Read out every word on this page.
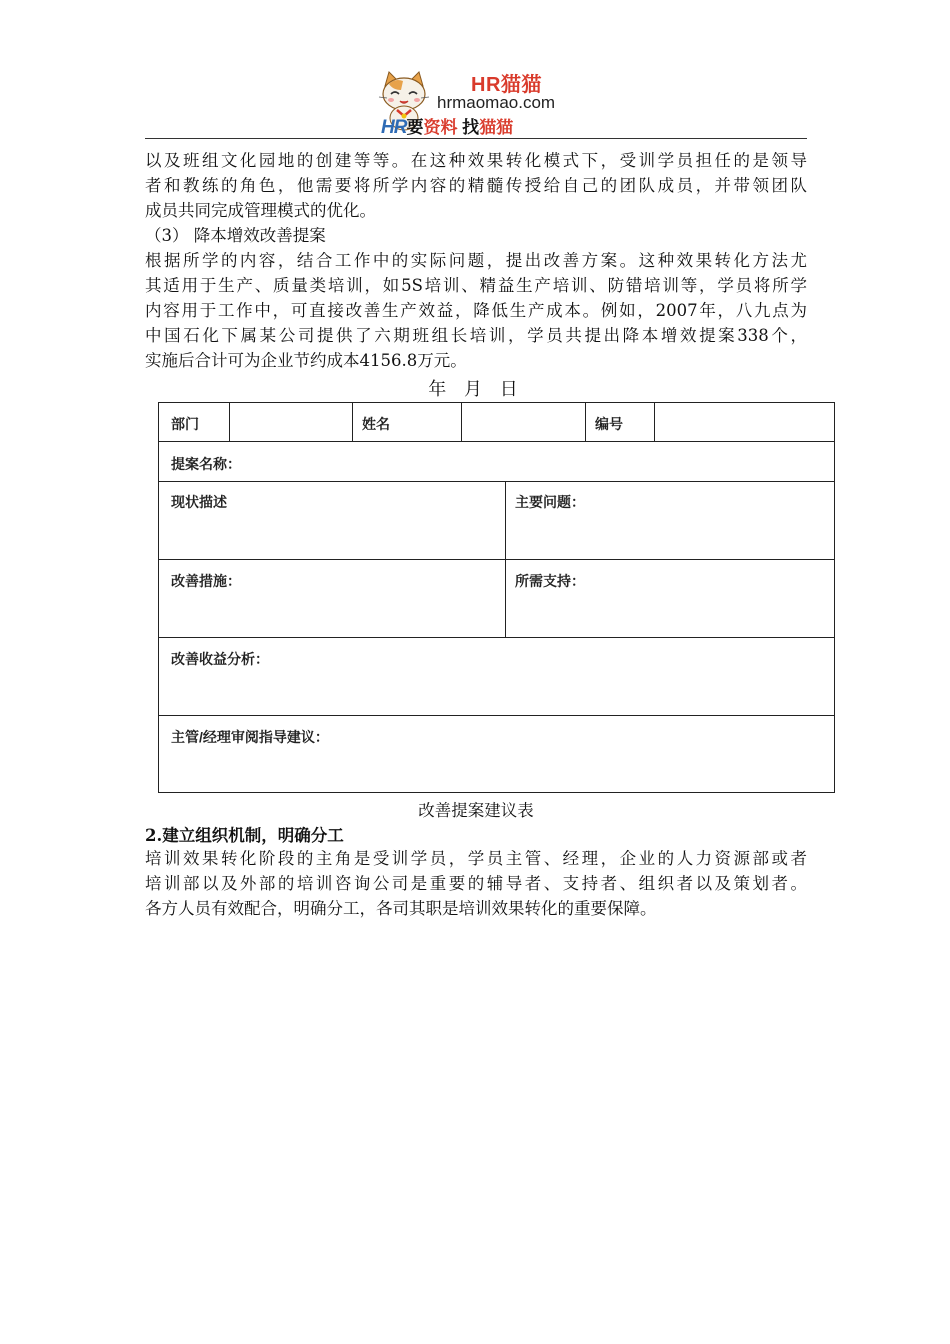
HR猫猫
hrmaomao.com
HR要资料 找猫猫
以及班组文化园地的创建等等。在这种效果转化模式下，受训学员担任的是领导
者和教练的角色，他需要将所学内容的精髓传授给自己的团队成员，并带领团队
成员共同完成管理模式的优化。
（3） 降本增效改善提案
根据所学的内容，结合工作中的实际问题，提出改善方案。这种效果转化方法尤
其适用于生产、质量类培训，如5S培训、精益生产培训、防错培训等，学员将所学
内容用于工作中，可直接改善生产效益，降低生产成本。例如，2007年，八九点为
中国石化下属某公司提供了六期班组长培训，学员共提出降本增效提案338个，
实施后合计可为企业节约成本4156.8万元。
年 月 日
部门	姓名	编号
提案名称：
现状描述	主要问题：
改善措施：	所需支持：
改善收益分析：
主管/经理审阅指导建议：
改善提案建议表
2.建立组织机制，明确分工
培训效果转化阶段的主角是受训学员，学员主管、经理，企业的人力资源部或者
培训部以及外部的培训咨询公司是重要的辅导者、支持者、组织者以及策划者。
各方人员有效配合，明确分工，各司其职是培训效果转化的重要保障。
